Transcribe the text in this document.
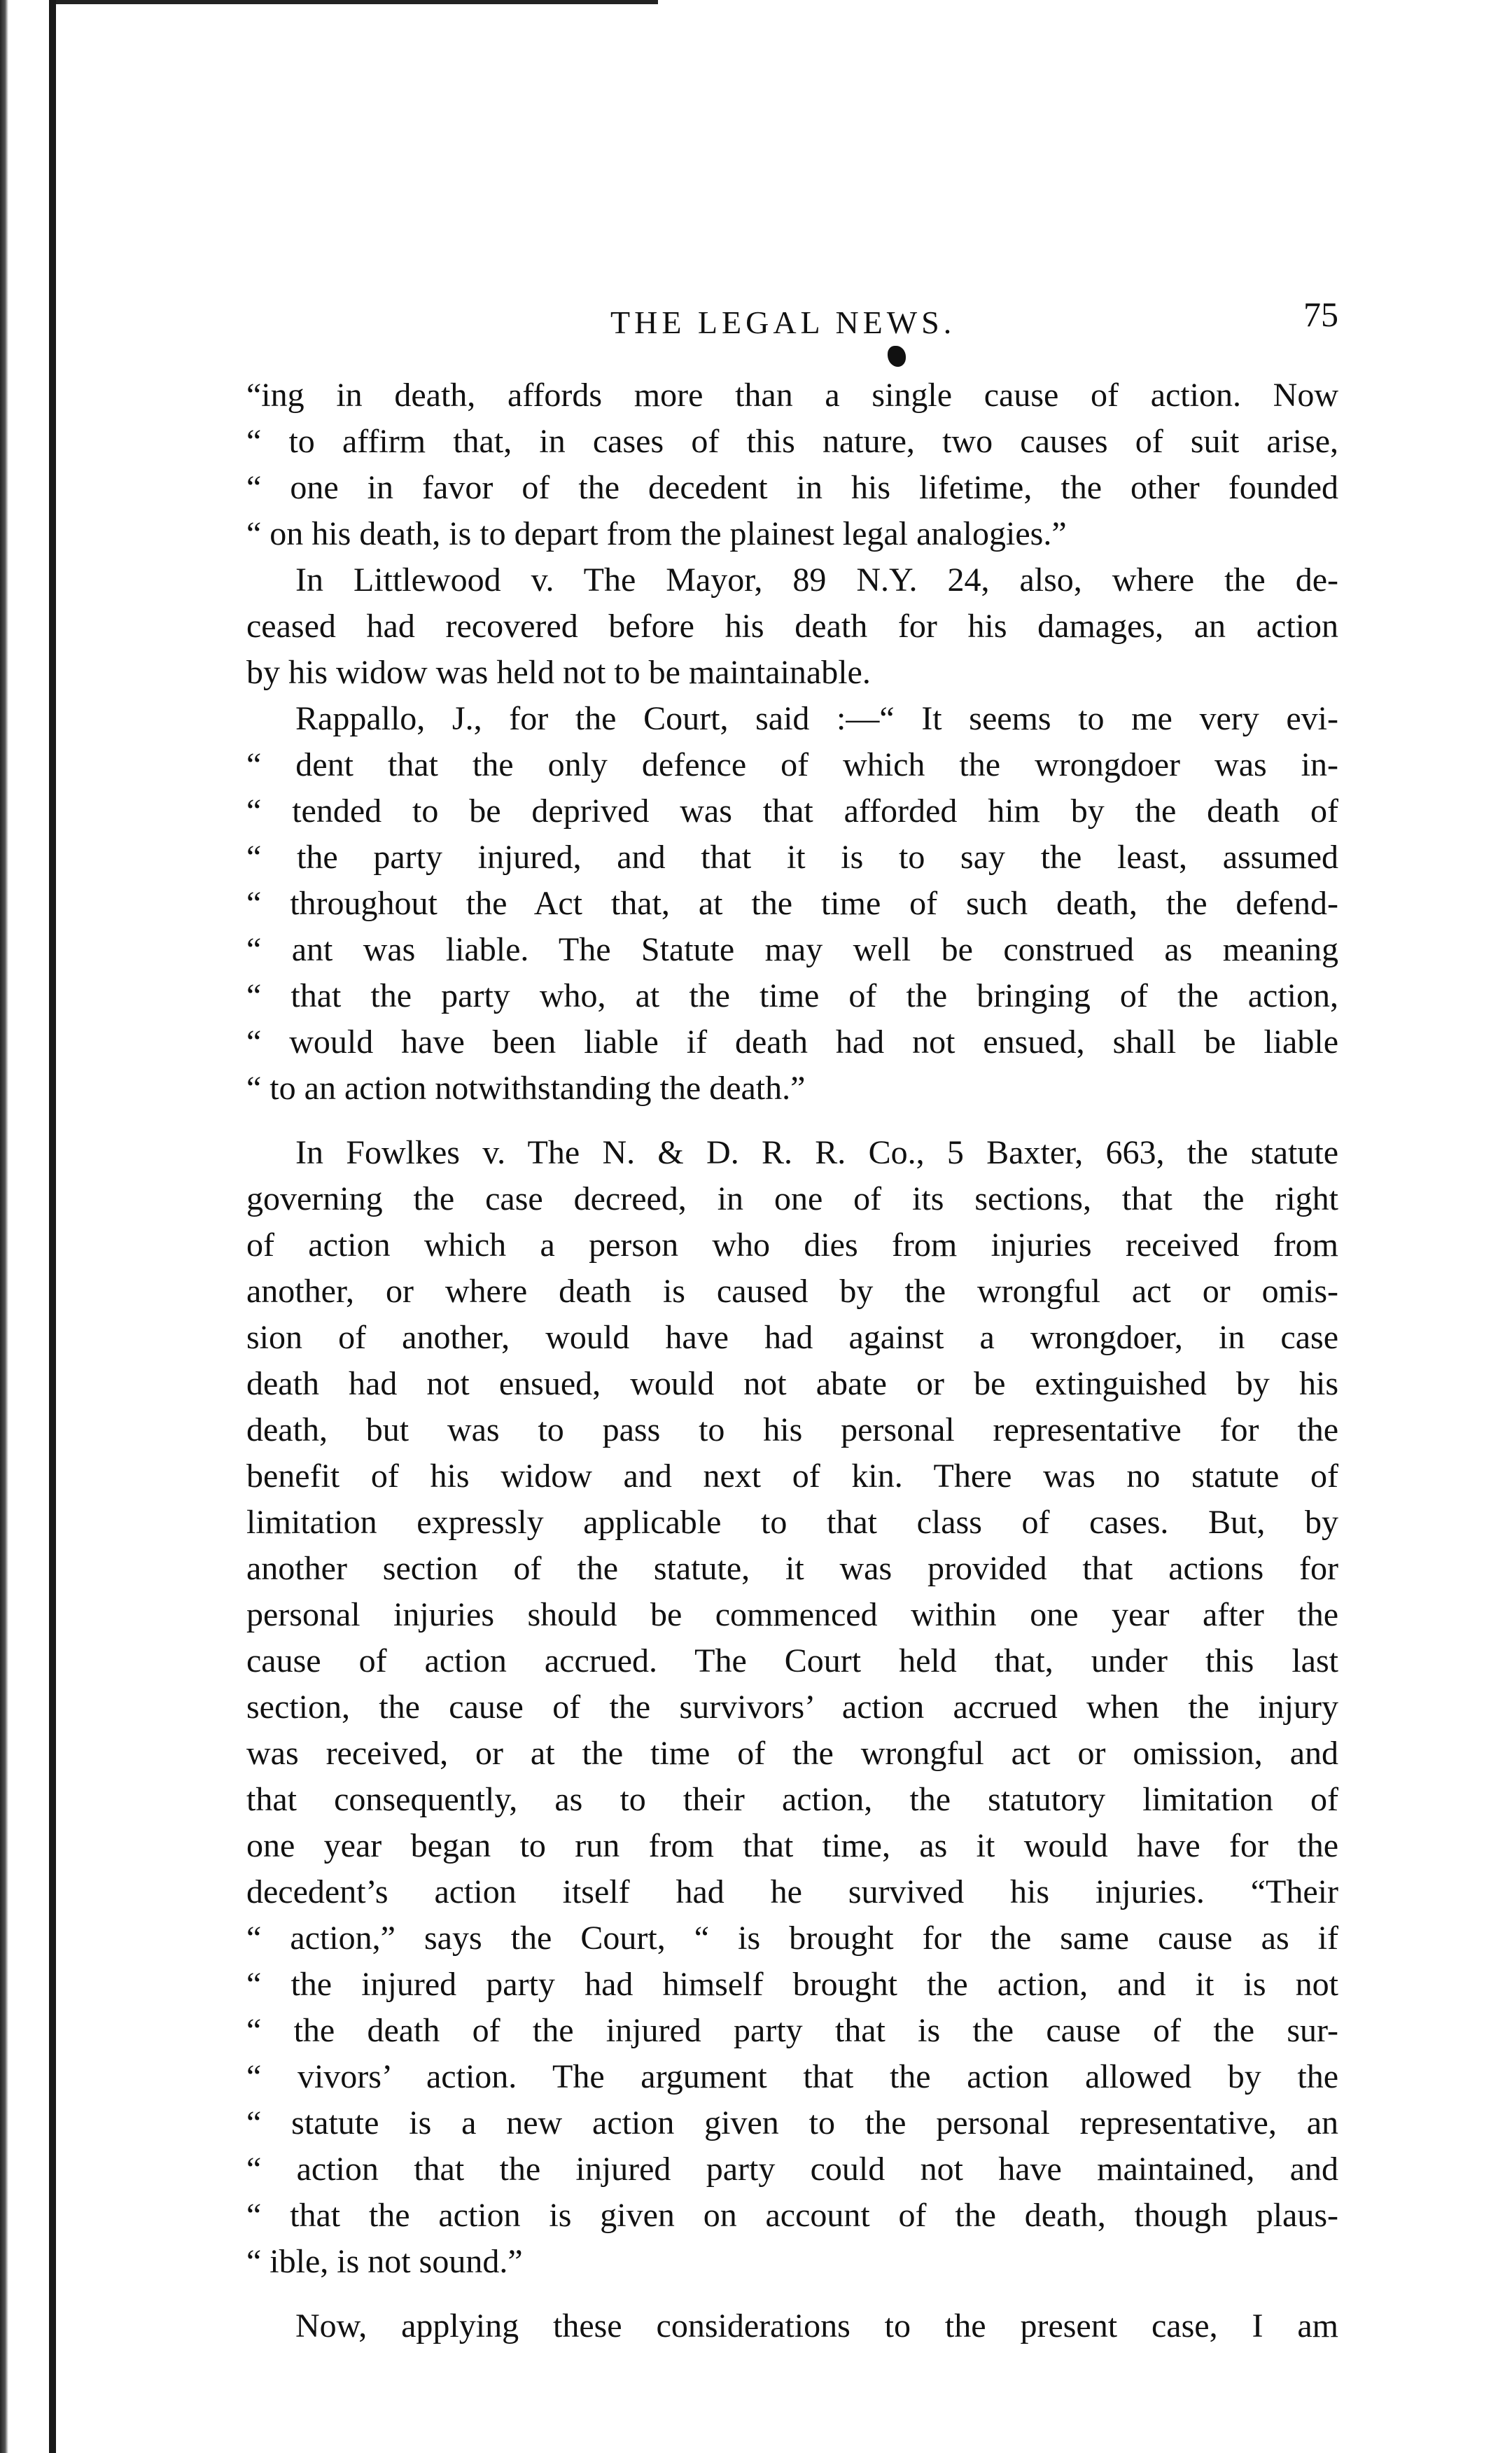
THE LEGAL NEWS.	75

“ing in death, affords more than a single cause of action. Now
“ to affirm that, in cases of this nature, two causes of suit arise,
“ one in favor of the decedent in his lifetime, the other founded
“ on his death, is to depart from the plainest legal analogies.”

In Littlewood v. The Mayor, 89 N.Y. 24, also, where the de-
ceased had recovered before his death for his damages, an action
by his widow was held not to be maintainable.

Rappallo, J., for the Court, said :—“ It seems to me very evi-
“ dent that the only defence of which the wrongdoer was in-
“ tended to be deprived was that afforded him by the death of
“ the party injured, and that it is to say the least, assumed
“ throughout the Act that, at the time of such death, the defend-
“ ant was liable. The Statute may well be construed as meaning
“ that the party who, at the time of the bringing of the action,
“ would have been liable if death had not ensued, shall be liable
“ to an action notwithstanding the death.”

In Fowlkes v. The N. & D. R. R. Co., 5 Baxter, 663, the statute
governing the case decreed, in one of its sections, that the right
of action which a person who dies from injuries received from
another, or where death is caused by the wrongful act or omis-
sion of another, would have had against a wrongdoer, in case
death had not ensued, would not abate or be extinguished by his
death, but was to pass to his personal representative for the
benefit of his widow and next of kin. There was no statute of
limitation expressly applicable to that class of cases. But, by
another section of the statute, it was provided that actions for
personal injuries should be commenced within one year after the
cause of action accrued. The Court held that, under this last
section, the cause of the survivors’ action accrued when the injury
was received, or at the time of the wrongful act or omission, and
that consequently, as to their action, the statutory limitation of
one year began to run from that time, as it would have for the
decedent’s action itself had he survived his injuries. “Their
“ action,” says the Court, “ is brought for the same cause as if
“ the injured party had himself brought the action, and it is not
“ the death of the injured party that is the cause of the sur-
“ vivors’ action. The argument that the action allowed by the
“ statute is a new action given to the personal representative, an
“ action that the injured party could not have maintained, and
“ that the action is given on account of the death, though plaus-
“ ible, is not sound.”

Now, applying these considerations to the present case, I am
